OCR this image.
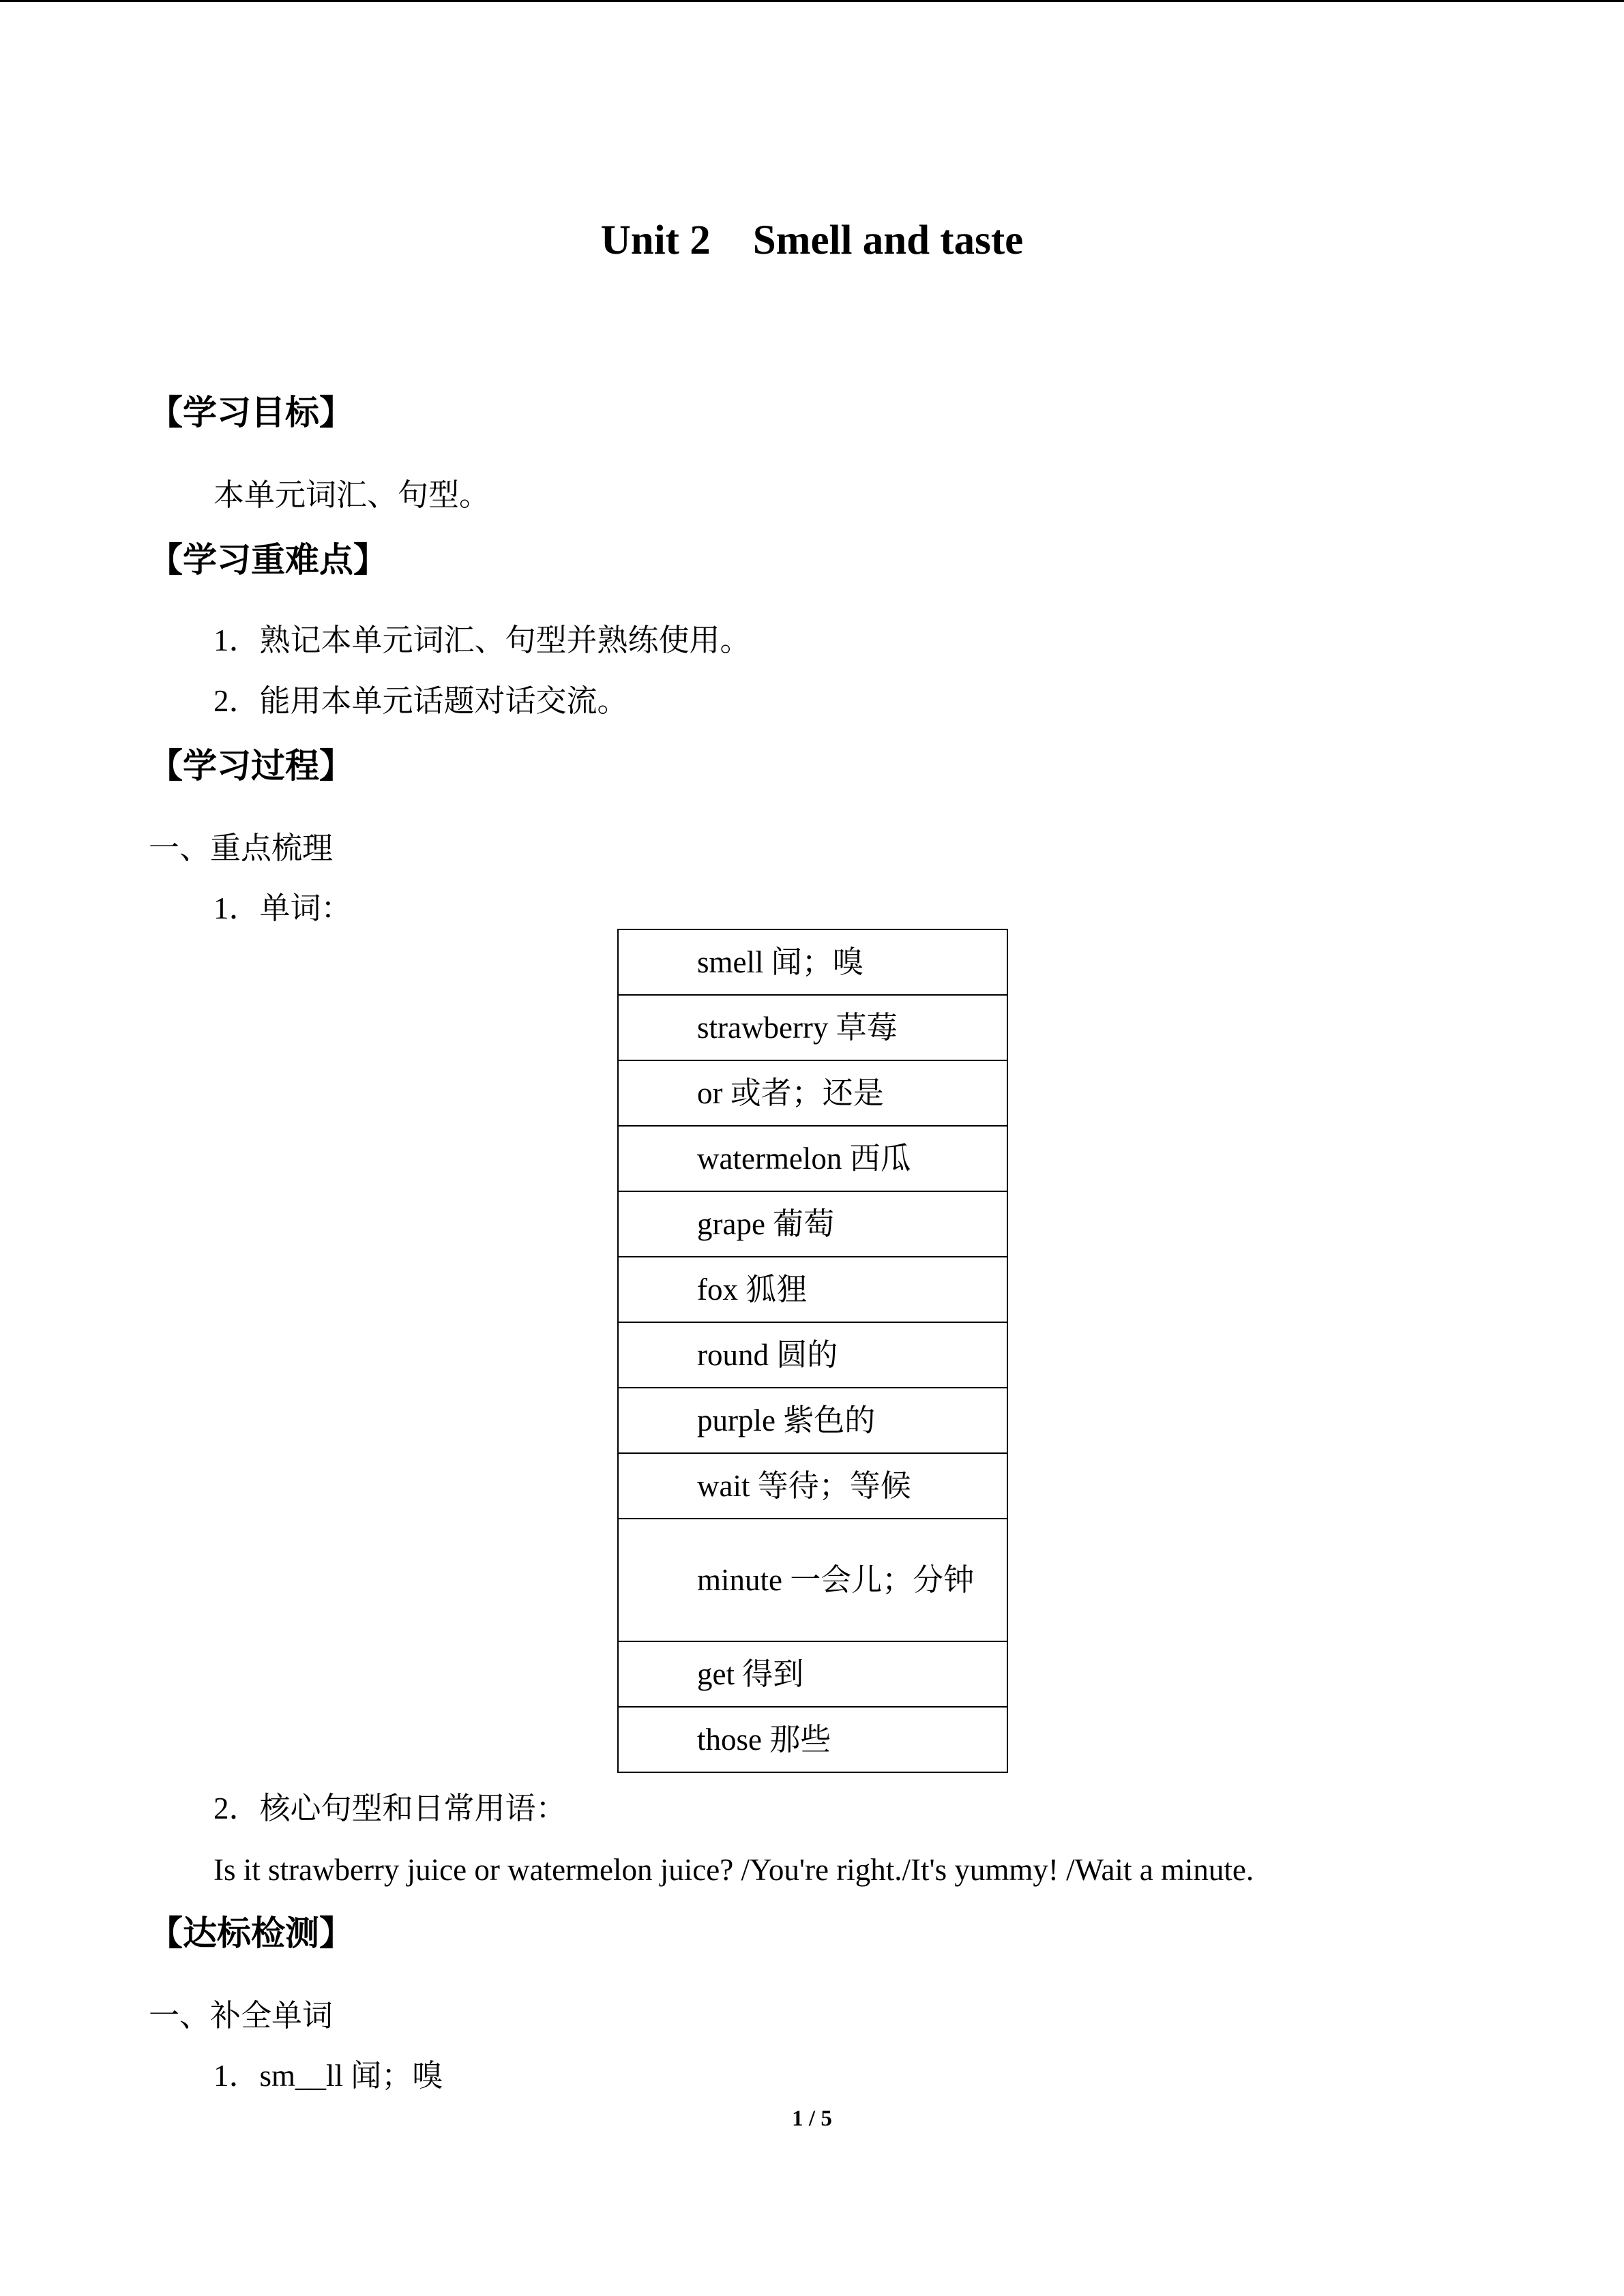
Unit 2 Smell and taste
【学习目标】
本单元词汇、句型。
【学习重难点】
1．熟记本单元词汇、句型并熟练使用。
2．能用本单元话题对话交流。
【学习过程】
一、重点梳理
1．单词：
smell 闻；嗅

strawberry 草莓

or 或者；还是

watermelon 西瓜

grape 葡萄

fox 狐狸

round 圆的

purple 紫色的

wait 等待；等候

minute 一会儿；分钟

get 得到

those 那些
2．核心句型和日常用语：
Is it strawberry juice or watermelon juice? /You're right./It's yummy! /Wait a minute.
【达标检测】
一、补全单词
1．sm__ll 闻；嗅
1 / 5
